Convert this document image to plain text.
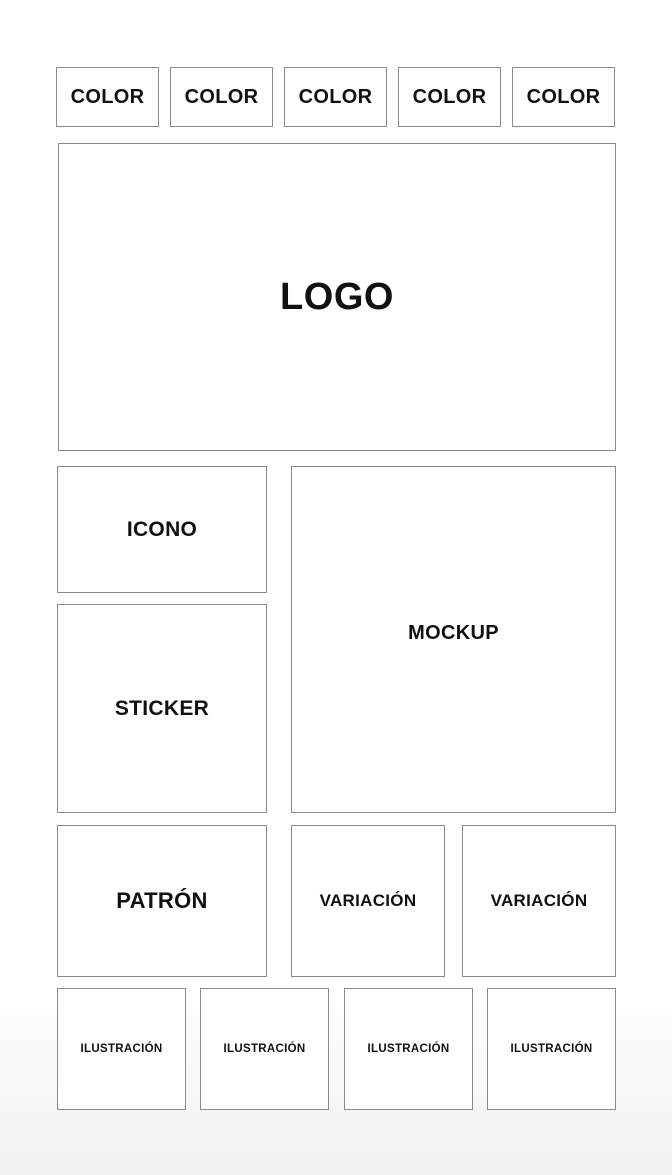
COLOR COLOR COLOR COLOR COLOR
LOGO
ICONO
STICKER
MOCKUP
PATRÓN	VARIACIÓN	VARIACIÓN
ILUSTRACIÓN	ILUSTRACIÓN	ILUSTRACIÓN	ILUSTRACIÓN
